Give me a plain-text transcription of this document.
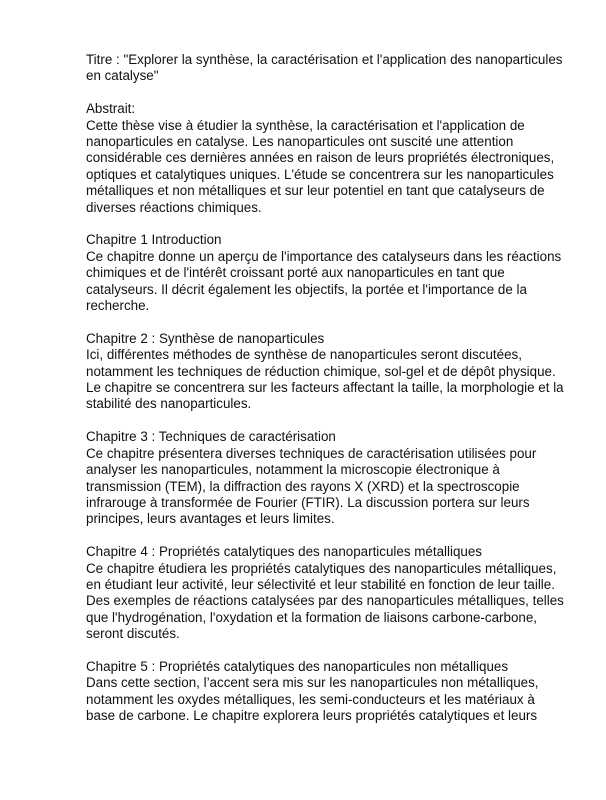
Titre : "Explorer la synthèse, la caractérisation et l'application des nanoparticules en catalyse"

Abstrait:

Cette thèse vise à étudier la synthèse, la caractérisation et l'application de nanoparticules en catalyse. Les nanoparticules ont suscité une attention considérable ces dernières années en raison de leurs propriétés électroniques, optiques et catalytiques uniques. L'étude se concentrera sur les nanoparticules métalliques et non métalliques et sur leur potentiel en tant que catalyseurs de diverses réactions chimiques.

Chapitre 1 Introduction

Ce chapitre donne un aperçu de l'importance des catalyseurs dans les réactions chimiques et de l'intérêt croissant porté aux nanoparticules en tant que catalyseurs. Il décrit également les objectifs, la portée et l'importance de la recherche.

Chapitre 2 : Synthèse de nanoparticules

Ici, différentes méthodes de synthèse de nanoparticules seront discutées, notamment les techniques de réduction chimique, sol-gel et de dépôt physique. Le chapitre se concentrera sur les facteurs affectant la taille, la morphologie et la stabilité des nanoparticules.

Chapitre 3 : Techniques de caractérisation

Ce chapitre présentera diverses techniques de caractérisation utilisées pour analyser les nanoparticules, notamment la microscopie électronique à transmission (TEM), la diffraction des rayons X (XRD) et la spectroscopie infrarouge à transformée de Fourier (FTIR). La discussion portera sur leurs principes, leurs avantages et leurs limites.

Chapitre 4 : Propriétés catalytiques des nanoparticules métalliques

Ce chapitre étudiera les propriétés catalytiques des nanoparticules métalliques, en étudiant leur activité, leur sélectivité et leur stabilité en fonction de leur taille. Des exemples de réactions catalysées par des nanoparticules métalliques, telles que l'hydrogénation, l'oxydation et la formation de liaisons carbone-carbone, seront discutés.

Chapitre 5 : Propriétés catalytiques des nanoparticules non métalliques

Dans cette section, l’accent sera mis sur les nanoparticules non métalliques, notamment les oxydes métalliques, les semi-conducteurs et les matériaux à base de carbone. Le chapitre explorera leurs propriétés catalytiques et leurs
